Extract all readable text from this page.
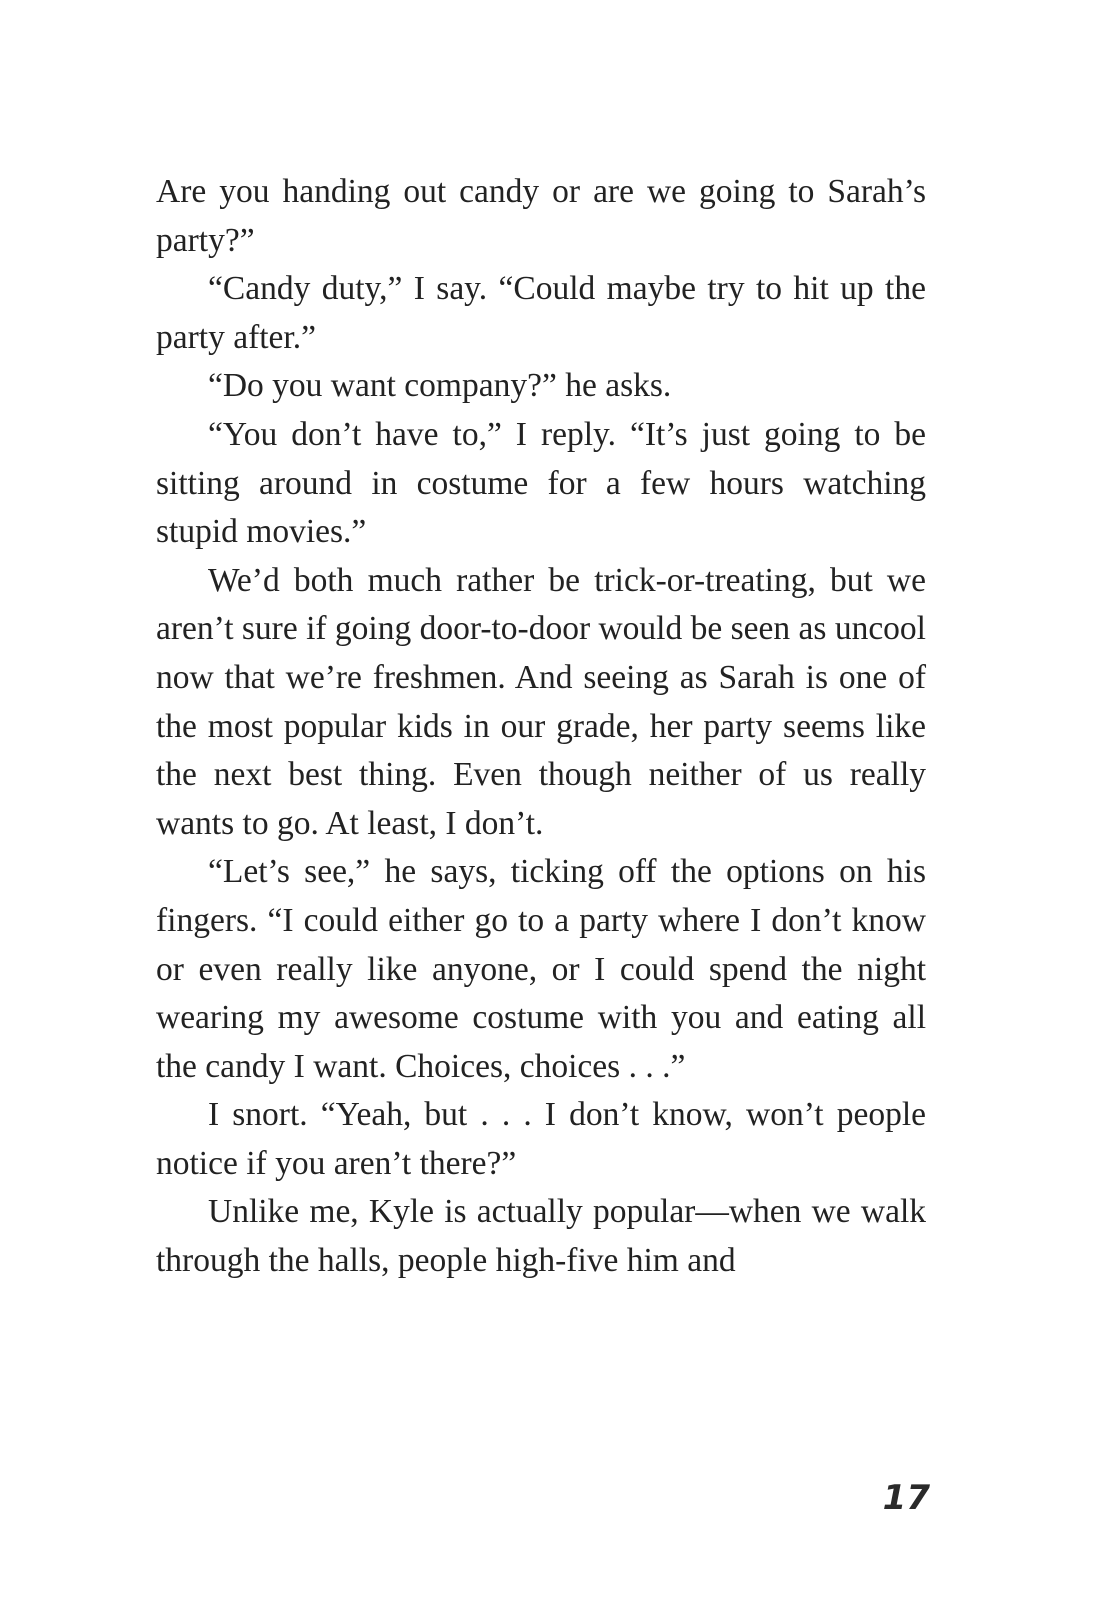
Are you handing out candy or are we going to Sarah’s party?”

“Candy duty,” I say. “Could maybe try to hit up the party after.”

“Do you want company?” he asks.

“You don’t have to,” I reply. “It’s just going to be sitting around in costume for a few hours watching stupid movies.”

We’d both much rather be trick-or-treating, but we aren’t sure if going door-to-door would be seen as uncool now that we’re freshmen. And seeing as Sarah is one of the most popular kids in our grade, her party seems like the next best thing. Even though neither of us really wants to go. At least, I don’t.

“Let’s see,” he says, ticking off the options on his fingers. “I could either go to a party where I don’t know or even really like anyone, or I could spend the night wearing my awesome costume with you and eating all the candy I want. Choices, choices . . .”

I snort. “Yeah, but . . . I don’t know, won’t people notice if you aren’t there?”

Unlike me, Kyle is actually popular—when we walk through the halls, people high-five him and

17
